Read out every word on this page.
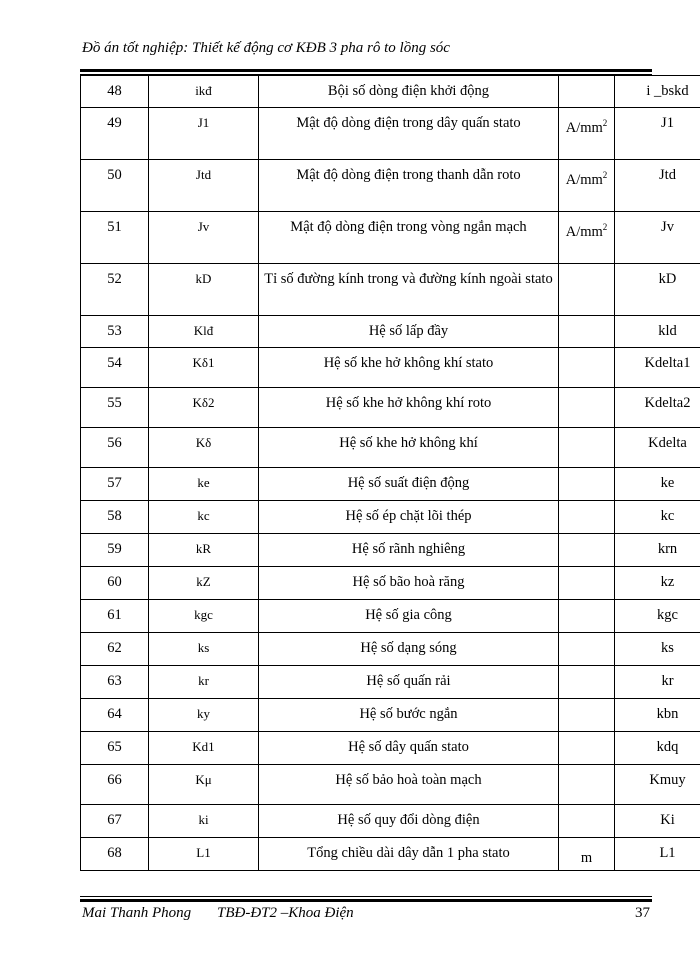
Đồ án tốt nghiệp: Thiết kế động cơ KĐB 3 pha rô to lồng sóc
48	ikđ	Bội số dòng điện khởi động		i _bskd
49	J1	Mật độ dòng điện trong dây quấn stato	$A/mm^2$	J1
50	Jtd	Mật độ dòng điện trong thanh dẫn roto	$A/mm^2$	Jtd
51	Jv	Mật độ dòng điện trong vòng ngắn mạch	$A/mm^2$	Jv
52	kD	Tỉ số đường kính trong và đường kính ngoài stato		kD
53	Klđ	Hệ số lấp đầy		kld
54	Kδ1	Hệ số khe hở không khí stato		Kdelta1
55	Kδ2	Hệ số khe hở không khí roto		Kdelta2
56	Kδ	Hệ số khe hở không khí		Kdelta
57	ke	Hệ số suất điện động		ke
58	kc	Hệ số ép chặt lõi thép		kc
59	kR	Hệ số rãnh nghiêng		krn
60	kZ	Hệ số bão hoà răng		kz
61	kgc	Hệ số gia công		kgc
62	ks	Hệ số dạng sóng		ks
63	kr	Hệ số quấn rải		kr
64	ky	Hệ số bước ngắn		kbn
65	Kd1	Hệ số dây quấn stato		kdq
66	Kμ	Hệ số bảo hoà toàn mạch		Kmuy
67	ki	Hệ số quy đổi dòng điện		Ki
68	L1	Tổng chiều dài dây dẫn 1 pha stato	m	L1
Mai Thanh Phong TBĐ-ĐT2 –Khoa Điện	37
